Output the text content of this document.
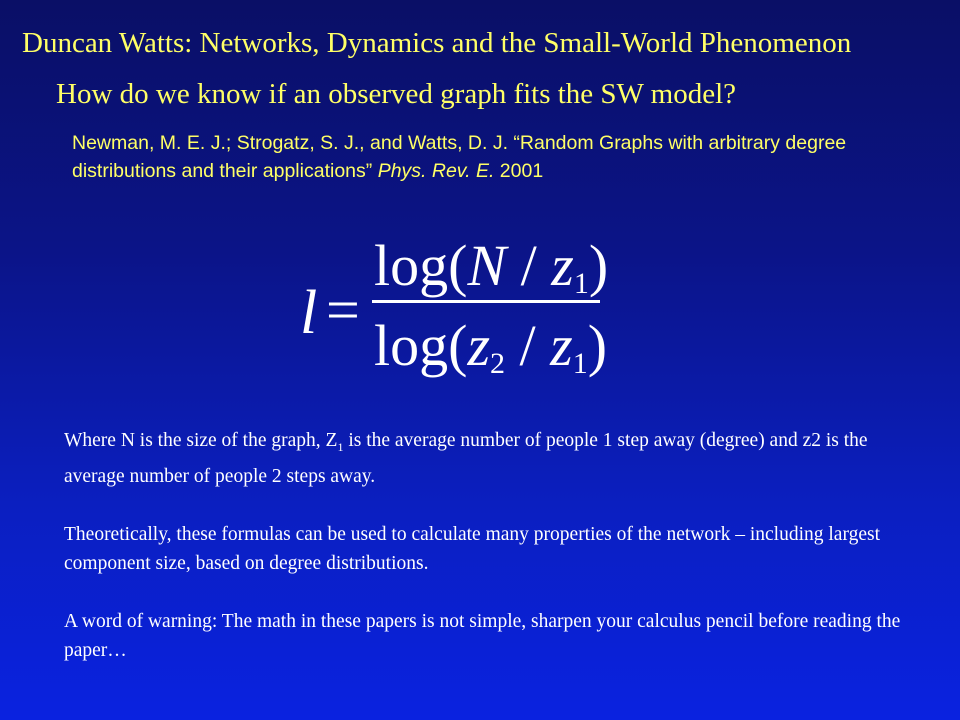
Duncan Watts: Networks, Dynamics and the Small-World Phenomenon
How do we know if an observed graph fits the SW model?
Newman, M. E. J.; Strogatz, S. J., and Watts, D. J. “Random Graphs with arbitrary degree distributions and their applications” Phys. Rev. E. 2001
l =
$\log(N / z_1)$
$\log(z_2 / z_1)$

Where N is the size of the graph, $Z_1$ is the average number of people 1 step away (degree) and z2 is the average number of people 2 steps away.

Theoretically, these formulas can be used to calculate many properties of the network – including largest component size, based on degree distributions.

A word of warning: The math in these papers is not simple, sharpen your calculus pencil before reading the paper…
